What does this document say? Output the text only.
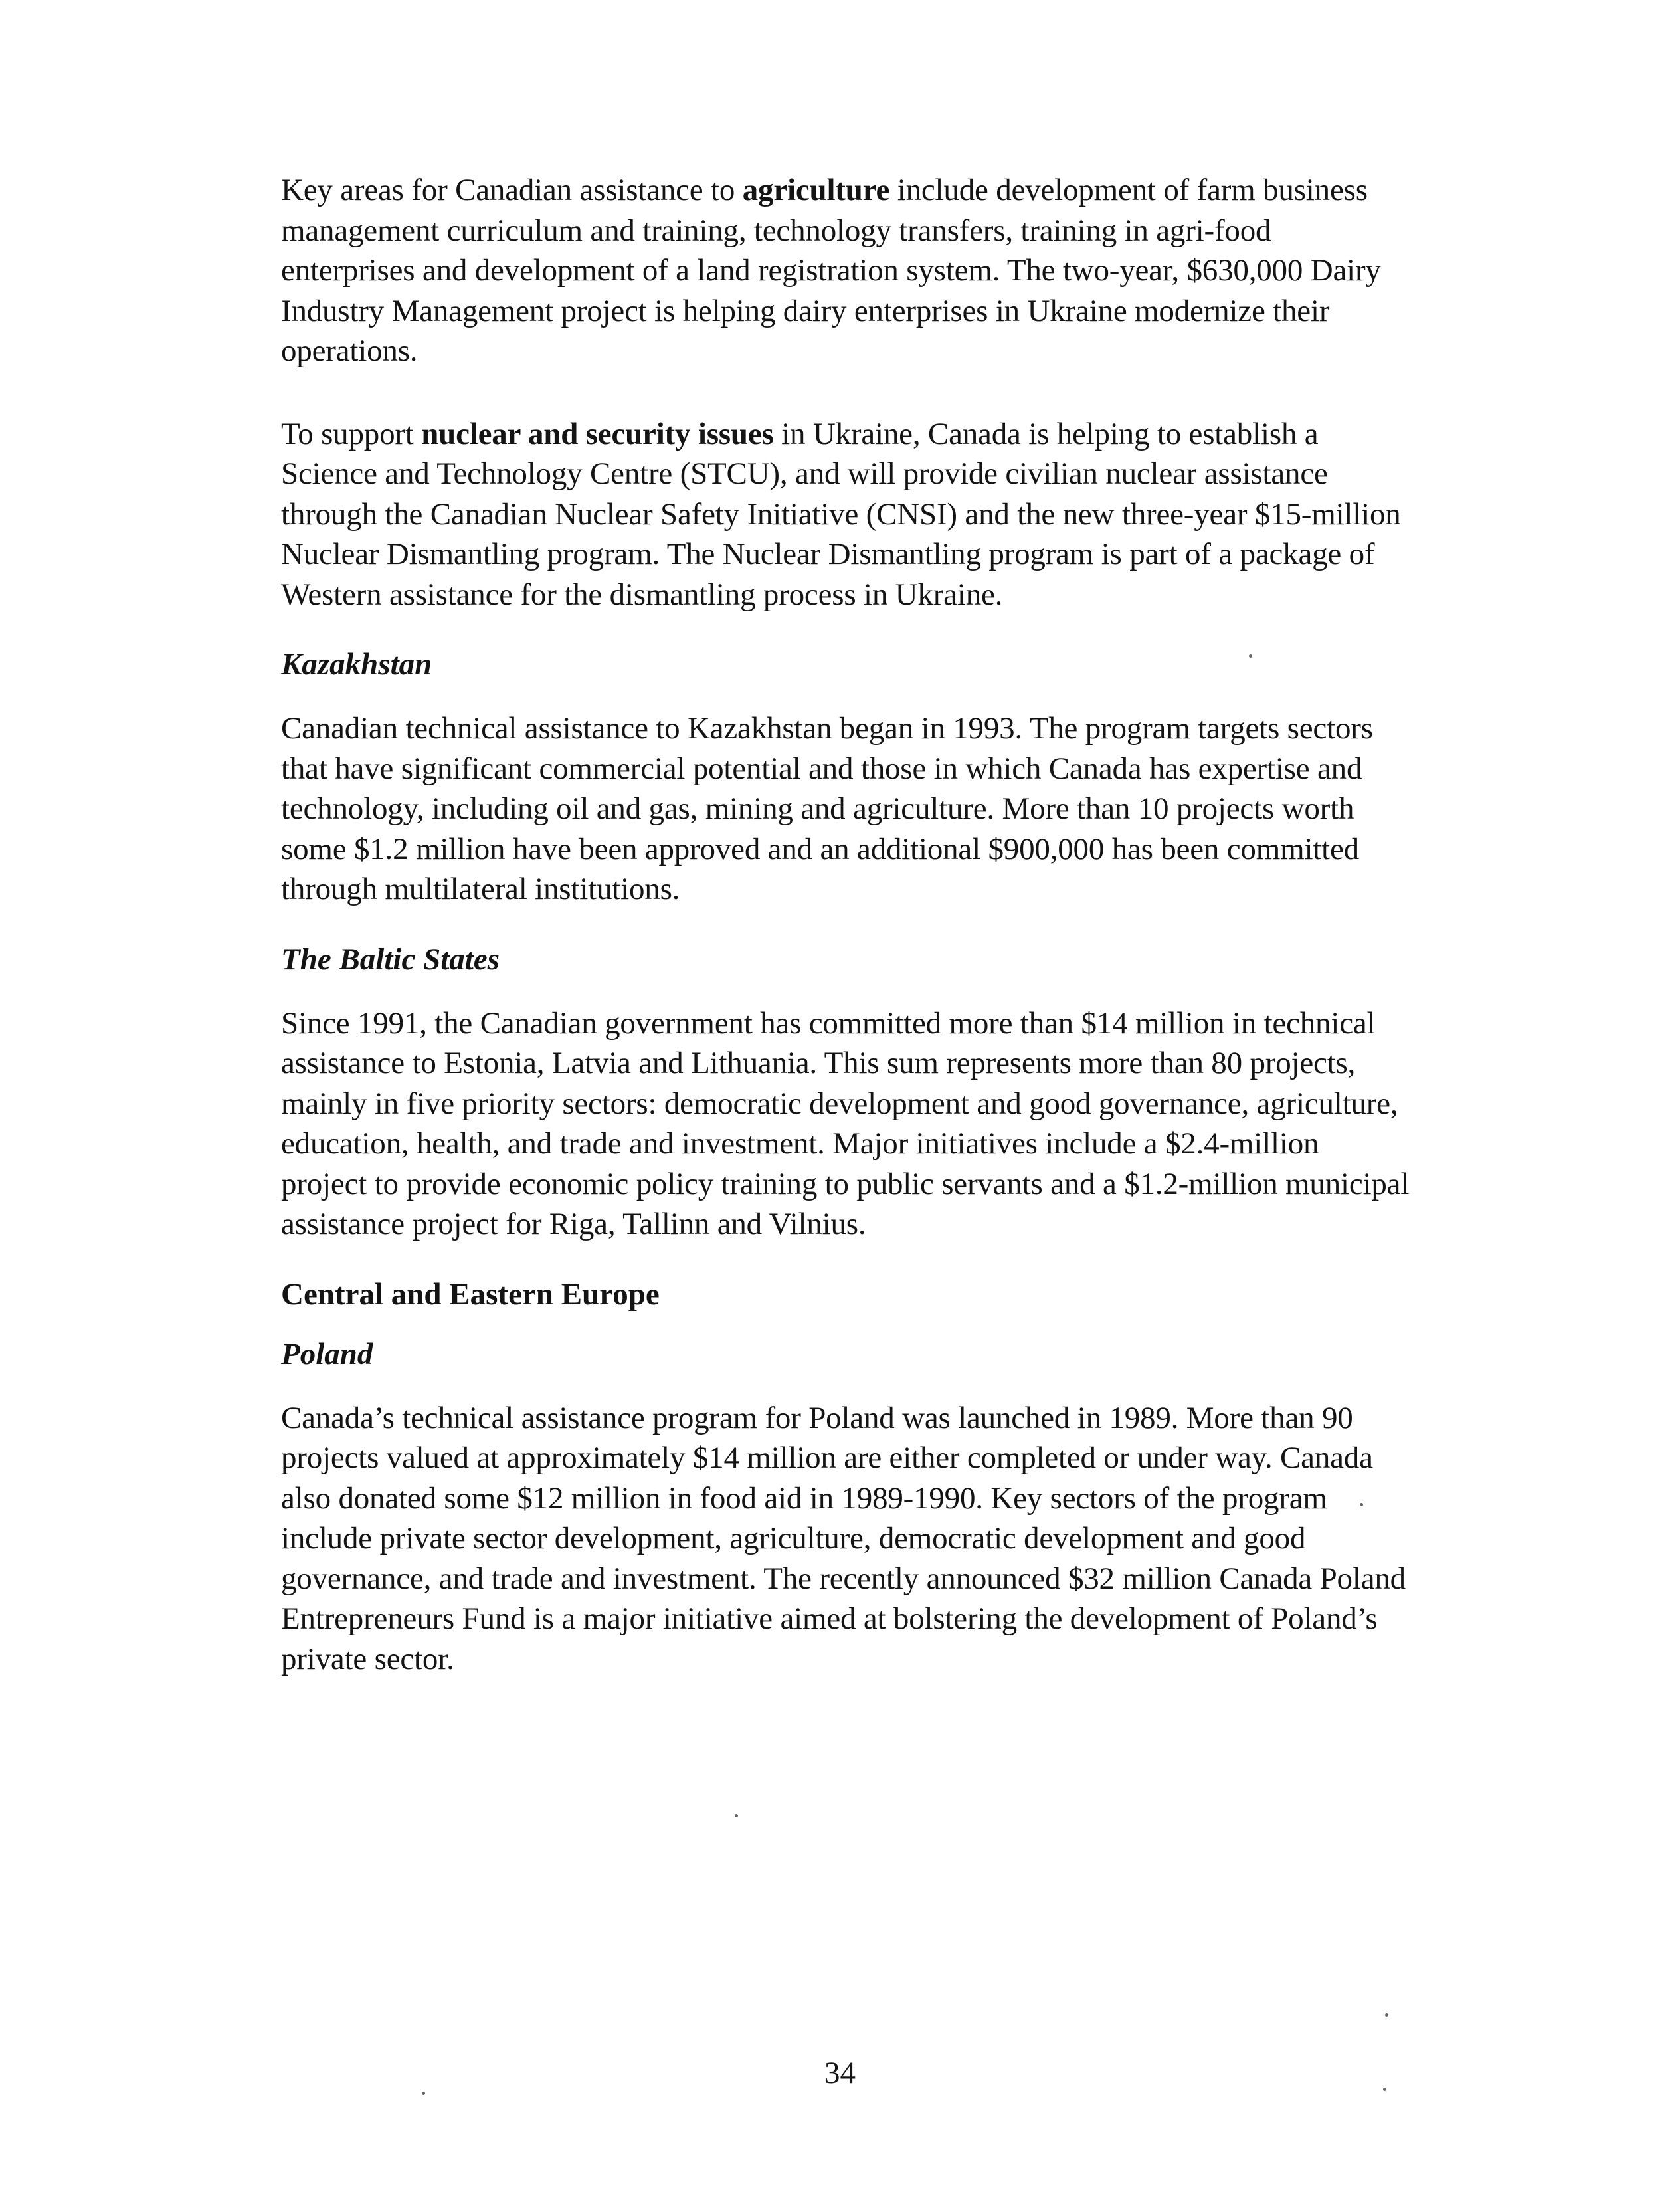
Key areas for Canadian assistance to agriculture include development of farm business management curriculum and training, technology transfers, training in agri-food enterprises and development of a land registration system. The two-year, $630,000 Dairy Industry Management project is helping dairy enterprises in Ukraine modernize their operations.

To support nuclear and security issues in Ukraine, Canada is helping to establish a Science and Technology Centre (STCU), and will provide civilian nuclear assistance through the Canadian Nuclear Safety Initiative (CNSI) and the new three-year $15-million Nuclear Dismantling program. The Nuclear Dismantling program is part of a package of Western assistance for the dismantling process in Ukraine.

Kazakhstan

Canadian technical assistance to Kazakhstan began in 1993. The program targets sectors that have significant commercial potential and those in which Canada has expertise and technology, including oil and gas, mining and agriculture. More than 10 projects worth some $1.2 million have been approved and an additional $900,000 has been committed through multilateral institutions.

The Baltic States

Since 1991, the Canadian government has committed more than $14 million in technical assistance to Estonia, Latvia and Lithuania. This sum represents more than 80 projects, mainly in five priority sectors: democratic development and good governance, agriculture, education, health, and trade and investment. Major initiatives include a $2.4-million project to provide economic policy training to public servants and a $1.2-million municipal assistance project for Riga, Tallinn and Vilnius.

Central and Eastern Europe
Poland

Canada’s technical assistance program for Poland was launched in 1989. More than 90 projects valued at approximately $14 million are either completed or under way. Canada also donated some $12 million in food aid in 1989-1990. Key sectors of the program include private sector development, agriculture, democratic development and good governance, and trade and investment. The recently announced $32 million Canada Poland Entrepreneurs Fund is a major initiative aimed at bolstering the development of Poland’s private sector.

34
